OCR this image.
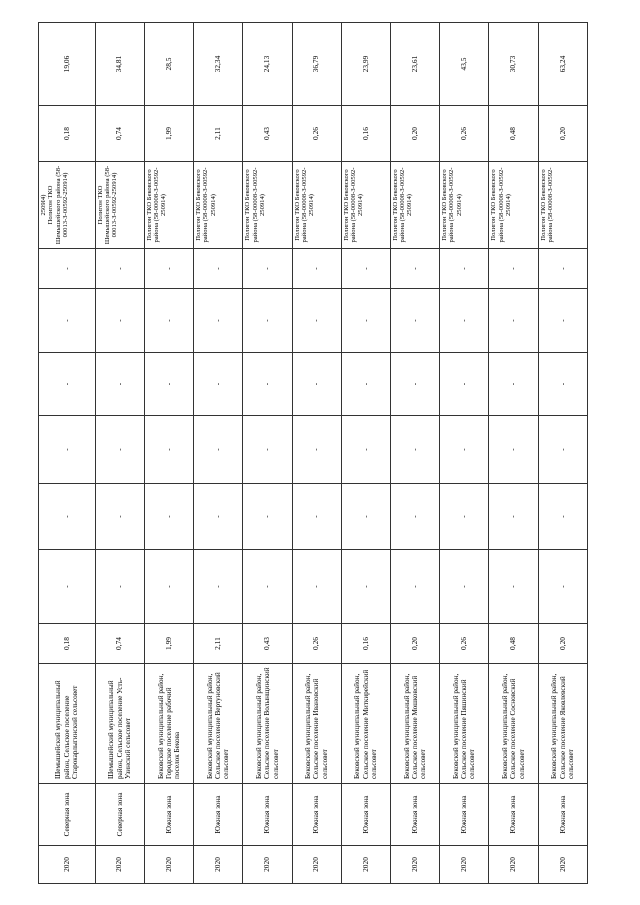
2020	Северная зона	Шемышейский муниципальный район, Сельское поселение Старокарлыгинский сельсовет	0,18	-	-	-	-	-	-	2509Ι4) Полигон ТКО Шемышейского района (58-00013-З-00592-250914)	0,18	19,06
2020	Северная зона	Шемышейский муниципальный район, Сельское поселение Усть-Узинский сельсовет	0,74	-	-	-	-	-	-	Полигон ТКО Шемышейского района (58-00013-З-00592-250914)	0,74	34,81
2020	Южная зона	Бековский муниципальный район, Городское поселение рабочий поселок Бекова	1,99	-	-	-	-	-	-	Полигон ТКО Бековского района (58-00008-З-00592-250914)	1,99	28,5
2020	Южная зона	Бековский муниципальный район, Сельское поселение Вертуновский сельсовет	2,11	-	-	-	-	-	-	Полигон ТКО Бековского района (58-00008-З-00592-250914)	2,11	32,34
2020	Южная зона	Бековский муниципальный район, Сельское поселение Волынщинский сельсовет	0,43	-	-	-	-	-	-	Полигон ТКО Бековского района (58-00008-З-00592-250914)	0,43	24,13
2020	Южная зона	Бековский муниципальный район, Сельское поселение Ивановский сельсовет	0,26	-	-	-	-	-	-	Полигон ТКО Бековского района (58-00008-З-00592-250914)	0,26	36,79
2020	Южная зона	Бековский муниципальный район, Сельское поселение Миткирейский сельсовет	0,16	-	-	-	-	-	-	Полигон ТКО Бековского района (58-00008-З-00592-250914)	0,16	23,99
2020	Южная зона	Бековский муниципальный район, Сельское поселение Мошковский сельсовет	0,20	-	-	-	-	-	-	Полигон ТКО Бековского района (58-00008-З-00592-250914)	0,20	23,61
2020	Южная зона	Бековский муниципальный район, Сельское поселение Пяшинский сельсовет	0,26	-	-	-	-	-	-	Полигон ТКО Бековского района (58-00008-З-00592-250914)	0,26	43,5
2020	Южная зона	Бековский муниципальный район, Сельское поселение Сосновский сельсовет	0,48	-	-	-	-	-	-	Полигон ТКО Бековского района (58-00008-З-00592-250914)	0,48	30,73
2020	Южная зона	Бековский муниципальный район, Сельское поселение Яковлевский сельсовет	0,20	-	-	-	-	-	-	Полигон ТКО Бековского района (58-00008-З-00592-	0,20	63,24
